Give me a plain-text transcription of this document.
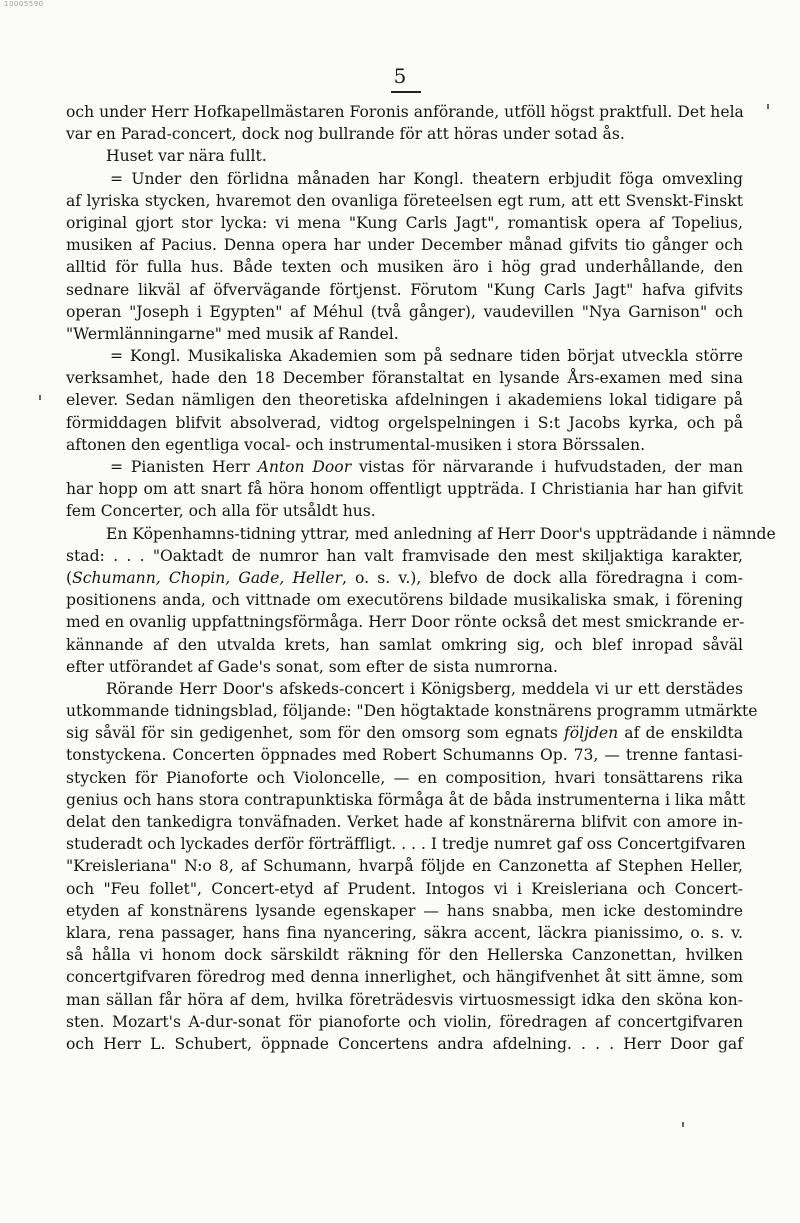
10005590
5
och under Herr Hofkapellmästaren Foronis anförande, utföll högst praktfull. Det hela
var en Parad-concert, dock nog bullrande för att höras under sotad ås.
Huset var nära fullt.
= Under den förlidna månaden har Kongl. theatern erbjudit föga omvexling
af lyriska stycken, hvaremot den ovanliga företeelsen egt rum, att ett Svenskt-Finskt
original gjort stor lycka: vi mena "Kung Carls Jagt", romantisk opera af Topelius,
musiken af Pacius. Denna opera har under December månad gifvits tio gånger och
alltid för fulla hus. Både texten och musiken äro i hög grad underhållande, den
sednare likväl af öfvervägande förtjenst. Förutom "Kung Carls Jagt" hafva gifvits
operan "Joseph i Egypten" af Méhul (två gånger), vaudevillen "Nya Garnison" och
"Wermlänningarne" med musik af Randel.
= Kongl. Musikaliska Akademien som på sednare tiden börjat utveckla större
verksamhet, hade den 18 December föranstaltat en lysande Års-examen med sina
elever. Sedan nämligen den theoretiska afdelningen i akademiens lokal tidigare på
förmiddagen blifvit absolverad, vidtog orgelspelningen i S:t Jacobs kyrka, och på
aftonen den egentliga vocal- och instrumental-musiken i stora Börssalen.
= Pianisten Herr Anton Door vistas för närvarande i hufvudstaden, der man
har hopp om att snart få höra honom offentligt uppträda. I Christiania har han gifvit
fem Concerter, och alla för utsåldt hus.
En Köpenhamns-tidning yttrar, med anledning af Herr Door's uppträdande i nämnde
stad: . . . "Oaktadt de numror han valt framvisade den mest skiljaktiga karakter,
(Schumann, Chopin, Gade, Heller, o. s. v.), blefvo de dock alla föredragna i com-
positionens anda, och vittnade om executörens bildade musikaliska smak, i förening
med en ovanlig uppfattningsförmåga. Herr Door rönte också det mest smickrande er-
kännande af den utvalda krets, han samlat omkring sig, och blef inropad såväl
efter utförandet af Gade's sonat, som efter de sista numrorna.
Rörande Herr Door's afskeds-concert i Königsberg, meddela vi ur ett derstädes
utkommande tidningsblad, följande: "Den högtaktade konstnärens programm utmärkte
sig såväl för sin gedigenhet, som för den omsorg som egnats följden af de enskildta
tonstyckena. Concerten öppnades med Robert Schumanns Op. 73, — trenne fantasi-
stycken för Pianoforte och Violoncelle, — en composition, hvari tonsättarens rika
genius och hans stora contrapunktiska förmåga åt de båda instrumenterna i lika mått
delat den tankedigra tonväfnaden. Verket hade af konstnärerna blifvit con amore in-
studeradt och lyckades derför förträffligt. . . . I tredje numret gaf oss Concertgifvaren
"Kreisleriana" N:o 8, af Schumann, hvarpå följde en Canzonetta af Stephen Heller,
och "Feu follet", Concert-etyd af Prudent. Intogos vi i Kreisleriana och Concert-
etyden af konstnärens lysande egenskaper — hans snabba, men icke destomindre
klara, rena passager, hans fina nyancering, säkra accent, läckra pianissimo, o. s. v.
så hålla vi honom dock särskildt räkning för den Hellerska Canzonettan, hvilken
concertgifvaren föredrog med denna innerlighet, och hängifvenhet åt sitt ämne, som
man sällan får höra af dem, hvilka företrädesvis virtuosmessigt idka den sköna kon-
sten. Mozart's A-dur-sonat för pianoforte och violin, föredragen af concertgifvaren
och Herr L. Schubert, öppnade Concertens andra afdelning. . . . Herr Door gaf
